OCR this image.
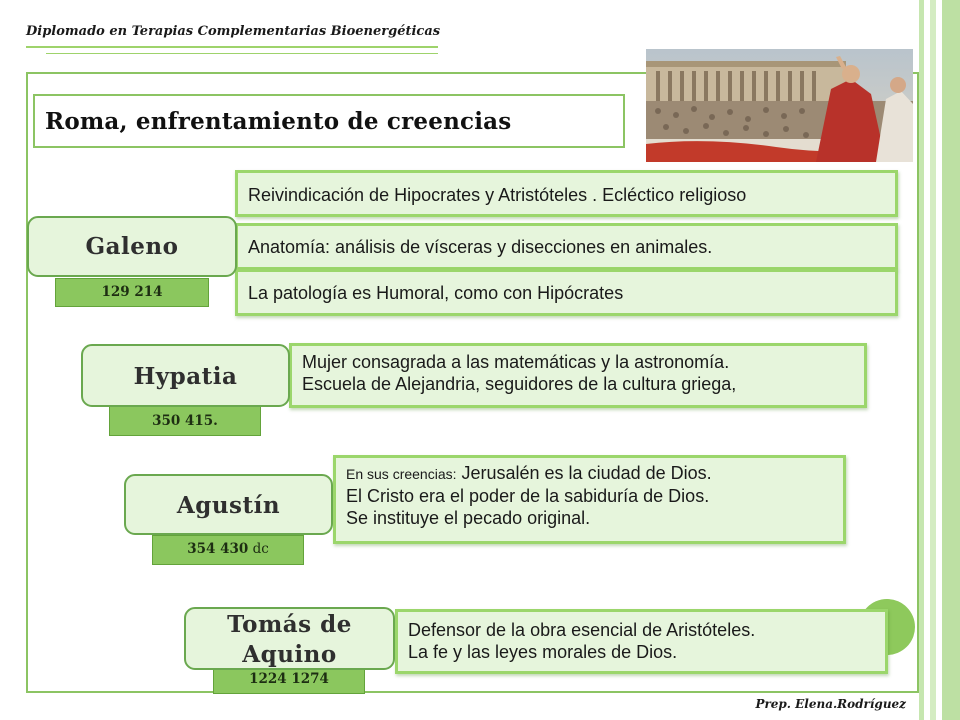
Diplomado en Terapias Complementarias Bioenergéticas
Roma, enfrentamiento de creencias
Reivindicación de Hipocrates y Atristóteles . Ecléctico religioso
Anatomía: análisis de vísceras y disecciones en animales.
La patología es Humoral, como con Hipócrates
129 214
Galeno
Mujer consagrada a las matemáticas y la astronomía.
Escuela de Alejandria, seguidores de la cultura griega,
350 415.
Hypatia
En sus creencias: Jerusalén es la ciudad de Dios.
El Cristo era el poder de la sabiduría de Dios.
Se instituye el pecado original.
354 430 dc
Agustín
Defensor de la obra esencial de Aristóteles.
La fe y las leyes morales de Dios.
1224 1274
Tomás de Aquino
Prep. Elena.Rodríguez
